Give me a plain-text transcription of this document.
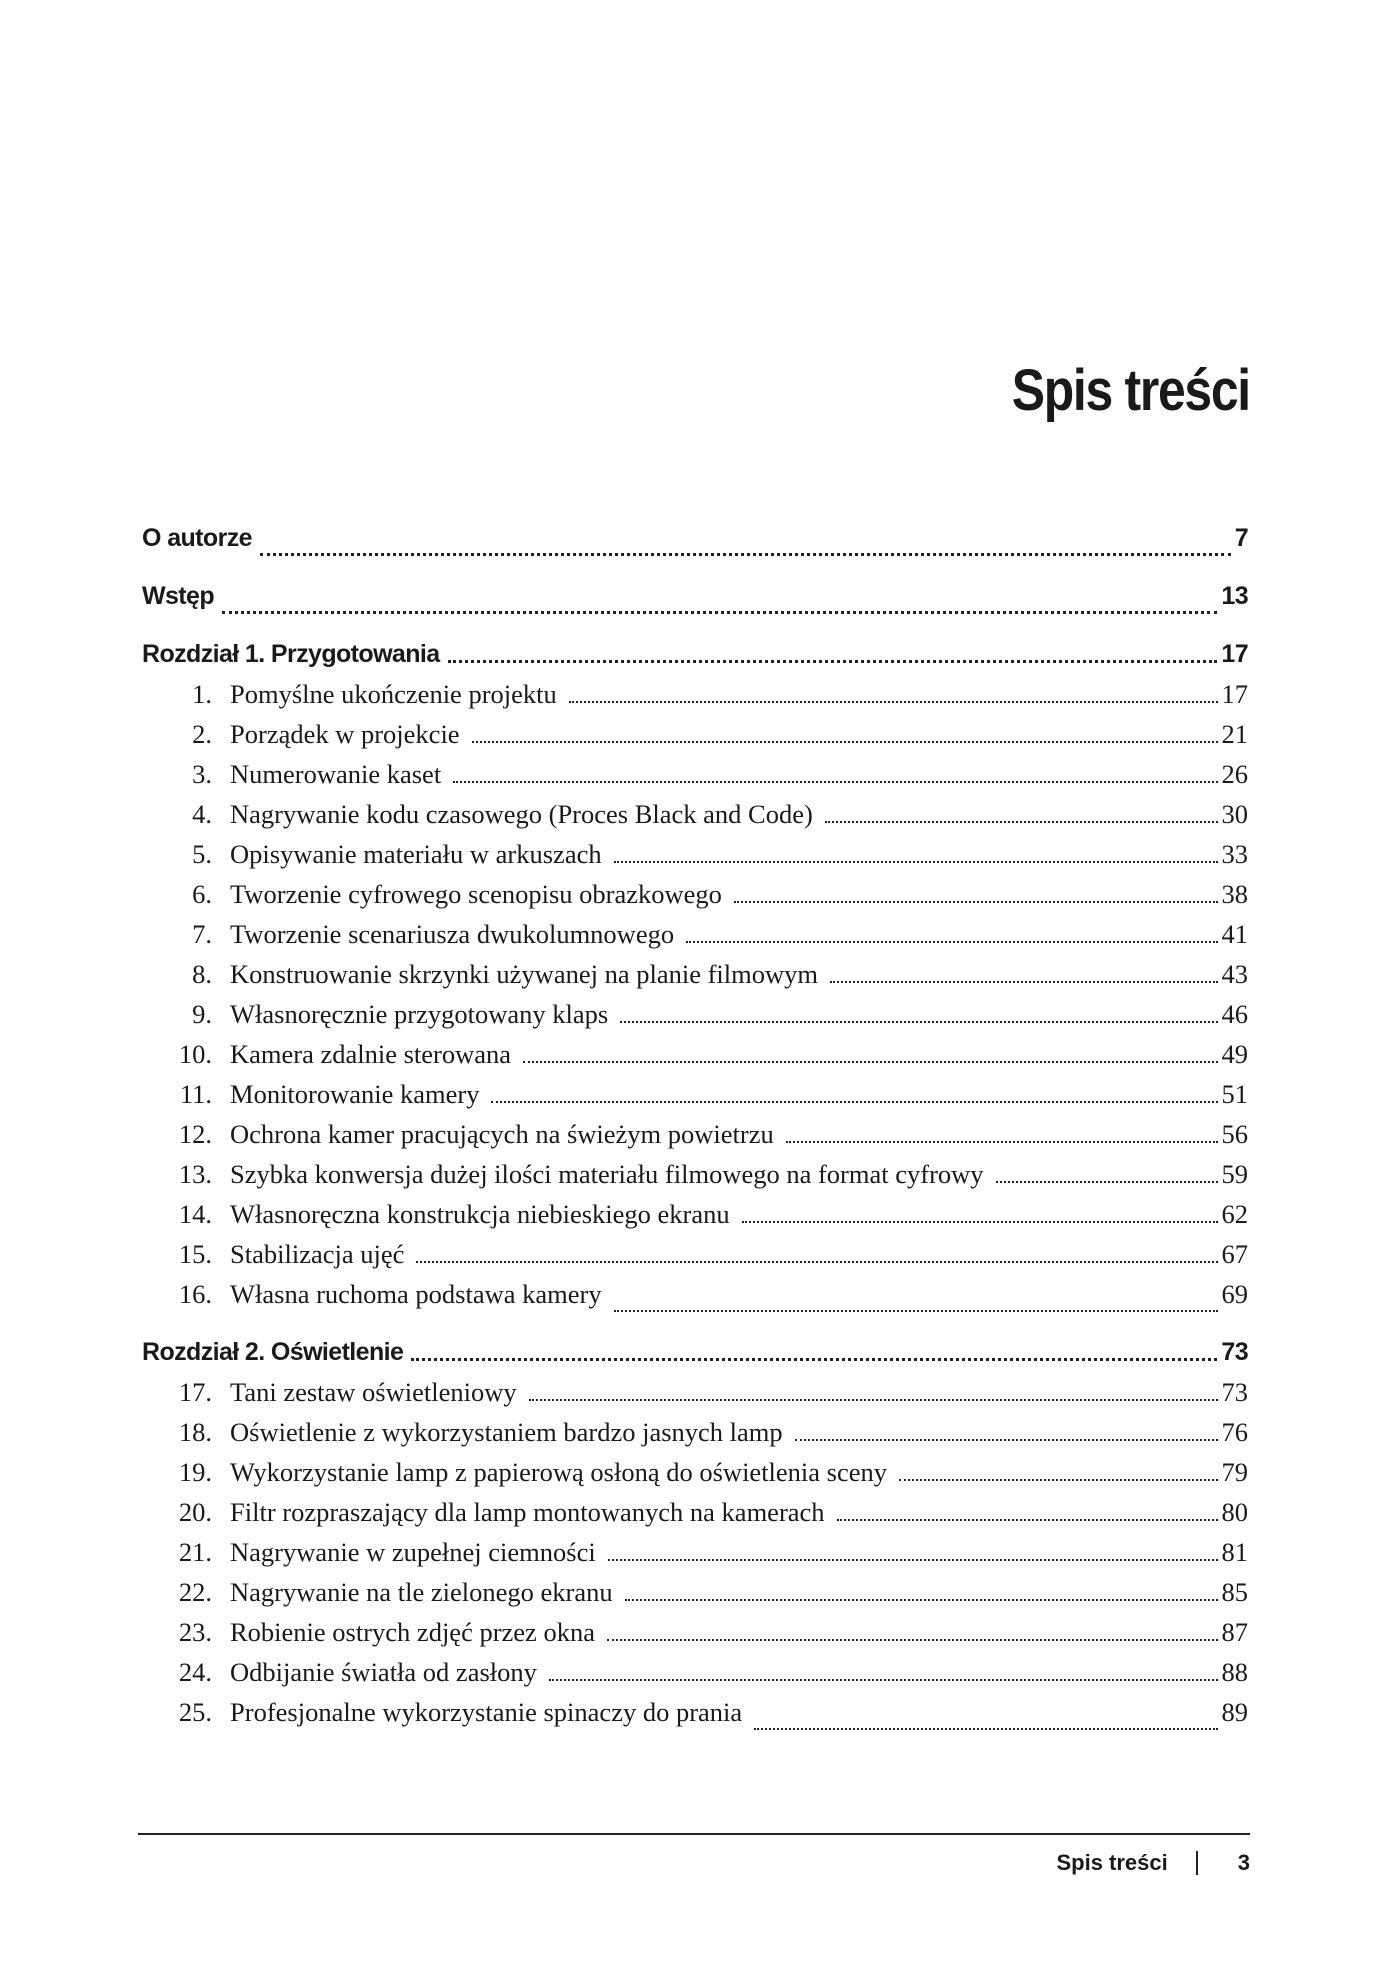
Spis treści
O autorze	7
Wstęp	13
Rozdział 1. Przygotowania	17
1. Pomyślne ukończenie projektu	17
2. Porządek w projekcie	21
3. Numerowanie kaset	26
4. Nagrywanie kodu czasowego (Proces Black and Code)	30
5. Opisywanie materiału w arkuszach	33
6. Tworzenie cyfrowego scenopisu obrazkowego	38
7. Tworzenie scenariusza dwukolumnowego	41
8. Konstruowanie skrzynki używanej na planie filmowym	43
9. Własnoręcznie przygotowany klaps	46
10. Kamera zdalnie sterowana	49
11. Monitorowanie kamery	51
12. Ochrona kamer pracujących na świeżym powietrzu	56
13. Szybka konwersja dużej ilości materiału filmowego na format cyfrowy	59
14. Własnoręczna konstrukcja niebieskiego ekranu	62
15. Stabilizacja ujęć	67
16. Własna ruchoma podstawa kamery	69
Rozdział 2. Oświetlenie	73
17. Tani zestaw oświetleniowy	73
18. Oświetlenie z wykorzystaniem bardzo jasnych lamp	76
19. Wykorzystanie lamp z papierową osłoną do oświetlenia sceny	79
20. Filtr rozpraszający dla lamp montowanych na kamerach	80
21. Nagrywanie w zupełnej ciemności	81
22. Nagrywanie na tle zielonego ekranu	85
23. Robienie ostrych zdjęć przez okna	87
24. Odbijanie światła od zasłony	88
25. Profesjonalne wykorzystanie spinaczy do prania	89
Spis treści	3
